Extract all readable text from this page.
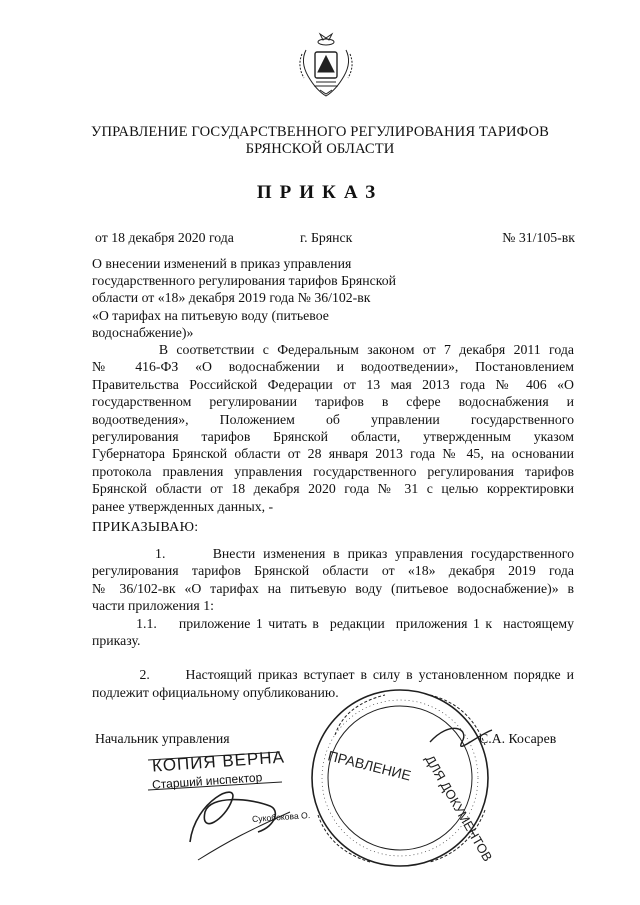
УПРАВЛЕНИЕ ГОСУДАРСТВЕННОГО РЕГУЛИРОВАНИЯ ТАРИФОВ
БРЯНСКОЙ ОБЛАСТИ
ПРИКАЗ
от 18 декабря 2020 года	г. Брянск	№ 31/105-вк
О внесении изменений в приказ управления
государственного регулирования тарифов Брянской
области от «18» декабря 2019 года № 36/102-вк
«О тарифах на питьевую воду (питьевое
водоснабжение)»
В соответствии с Федеральным законом от 7 декабря 2011 года
№ 416-ФЗ «О водоснабжении и водоотведении», Постановлением
Правительства Российской Федерации от 13 мая 2013 года № 406 «О
государственном регулировании тарифов в сфере водоснабжения и
водоотведения», Положением об управлении государственного
регулирования тарифов Брянской области, утвержденным указом
Губернатора Брянской области от 28 января 2013 года № 45, на основании
протокола правления управления государственного регулирования тарифов
Брянской области от 18 декабря 2020 года № 31 с целью корректировки
ранее утвержденных данных, -
ПРИКАЗЫВАЮ:
1.      Внести изменения в приказ управления государственного
регулирования тарифов Брянской области от «18» декабря 2019 года
№ 36/102-вк «О тарифах на питьевую воду (питьевое водоснабжение)» в
части приложения 1:
1.1.    приложение 1 читать в  редакции  приложения 1 к  настоящему
приказу.
2.      Настоящий приказ вступает в силу в установленном порядке и
подлежит официальному опубликованию.
Начальник управления	С.А. Косарев
ПРАВЛЕНИЕ ДЛЯ ДОКУМЕНТОВ
КОПИЯ ВЕРНА
Старший инспектор
Сукобокова О.
